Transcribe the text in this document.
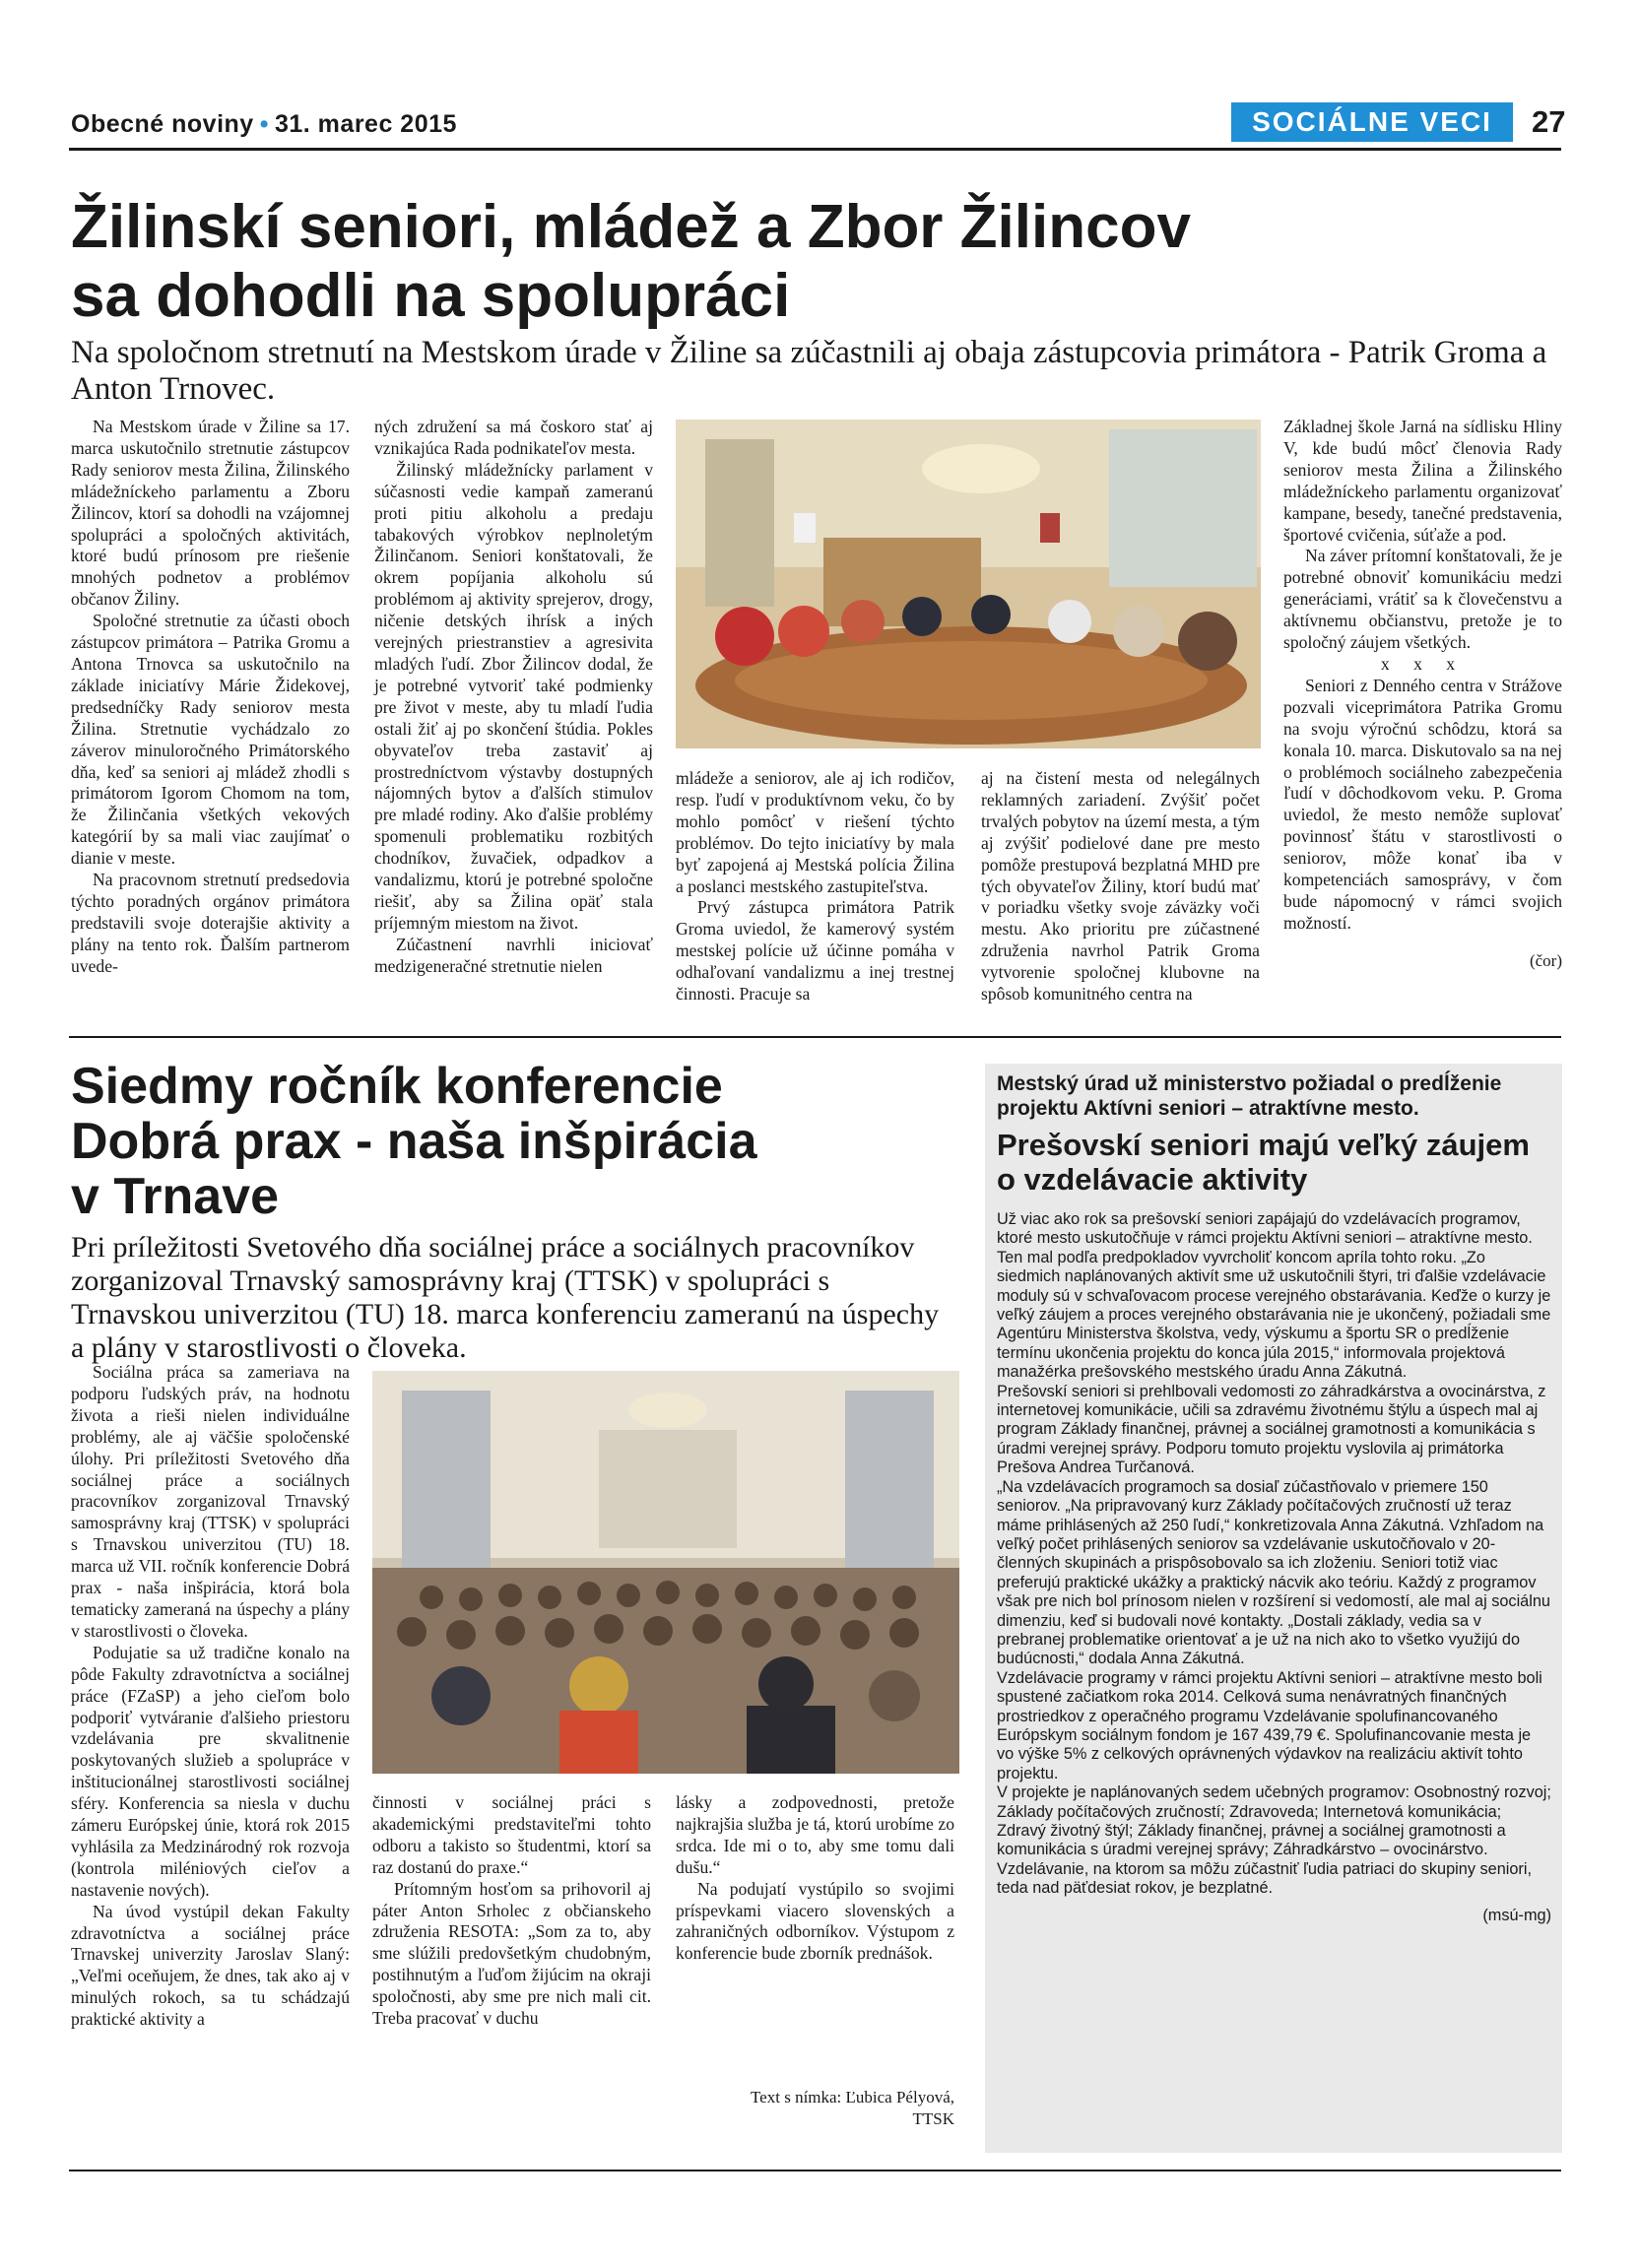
Obecné noviny • 31. marec 2015	SOCIÁLNE VECI	27
Žilinskí seniori, mládež a Zbor Žilincov
sa dohodli na spolupráci
Na spoločnom stretnutí na Mestskom úrade v Žiline sa zúčastnili aj obaja zástupcovia primátora - Patrik Groma a Anton Trnovec.

Na Mestskom úrade v Žiline sa 17. marca uskutočnilo stretnutie zástupcov Rady seniorov mesta Žilina, Žilinského mládežníckeho parlamentu a Zboru Žilincov, ktorí sa dohodli na vzájomnej spolupráci a spoločných aktivitách, ktoré budú prínosom pre riešenie mnohých podnetov a problémov občanov Žiliny.

Spoločné stretnutie za účasti oboch zástupcov primátora – Patrika Gromu a Antona Trnovca sa uskutočnilo na základe iniciatívy Márie Židekovej, predsedníčky Rady seniorov mesta Žilina. Stretnutie vychádzalo zo záverov minuloročného Primátorského dňa, keď sa seniori aj mládež zhodli s primátorom Igorom Chomom na tom, že Žilinčania všetkých vekových kategórií by sa mali viac zaujímať o dianie v meste.

Na pracovnom stretnutí predsedovia týchto poradných orgánov primátora predstavili svoje doterajšie aktivity a plány na tento rok. Ďalším partnerom uvede-

ných združení sa má čoskoro stať aj vznikajúca Rada podnikateľov mesta.

Žilinský mládežnícky parlament v súčasnosti vedie kampaň zameranú proti pitiu alkoholu a predaju tabakových výrobkov neplnoletým Žilinčanom. Seniori konštatovali, že okrem popíjania alkoholu sú problémom aj aktivity sprejerov, drogy, ničenie detských ihrísk a iných verejných priestranstiev a agresivita mladých ľudí. Zbor Žilincov dodal, že je potrebné vytvoriť také podmienky pre život v meste, aby tu mladí ľudia ostali žiť aj po skončení štúdia. Pokles obyvateľov treba zastaviť aj prostredníctvom výstavby dostupných nájomných bytov a ďalších stimulov pre mladé rodiny. Ako ďalšie problémy spomenuli problematiku rozbitých chodníkov, žuvačiek, odpadkov a vandalizmu, ktorú je potrebné spoločne riešiť, aby sa Žilina opäť stala príjemným miestom na život.

Zúčastnení navrhli iniciovať medzigeneračné stretnutie nielen

mládeže a seniorov, ale aj ich rodičov, resp. ľudí v produktívnom veku, čo by mohlo pomôcť v riešení týchto problémov. Do tejto iniciatívy by mala byť zapojená aj Mestská polícia Žilina a poslanci mestského zastupiteľstva.

Prvý zástupca primátora Patrik Groma uviedol, že kamerový systém mestskej polície už účinne pomáha v odhaľovaní vandalizmu a inej trestnej činnosti. Pracuje sa

aj na čistení mesta od nelegálnych reklamných zariadení. Zvýšiť počet trvalých pobytov na území mesta, a tým aj zvýšiť podielové dane pre mesto pomôže prestupová bezplatná MHD pre tých obyvateľov Žiliny, ktorí budú mať v poriadku všetky svoje záväzky voči mestu. Ako prioritu pre zúčastnené združenia navrhol Patrik Groma vytvorenie spoločnej klubovne na spôsob komunitného centra na

Základnej škole Jarná na sídlisku Hliny V, kde budú môcť členovia Rady seniorov mesta Žilina a Žilinského mládežníckeho parlamentu organizovať kampane, besedy, tanečné predstavenia, športové cvičenia, súťaže a pod.

Na záver prítomní konštatovali, že je potrebné obnoviť komunikáciu medzi generáciami, vrátiť sa k človečenstvu a aktívnemu občianstvu, pretože je to spoločný záujem všetkých.

x x x

Seniori z Denného centra v Strážove pozvali viceprimátora Patrika Gromu na svoju výročnú schôdzu, ktorá sa konala 10. marca. Diskutovalo sa na nej o problémoch sociálneho zabezpečenia ľudí v dôchodkovom veku. P. Groma uviedol, že mesto nemôže suplovať povinnosť štátu v starostlivosti o seniorov, môže konať iba v kompetenciách samosprávy, v čom bude nápomocný v rámci svojich možností.

(čor)
Siedmy ročník konferencie
Dobrá prax - naša inšpirácia
v Trnave
Pri príležitosti Svetového dňa sociálnej práce a sociálnych pracovníkov zorganizoval Trnavský samosprávny kraj (TTSK) v spolupráci s Trnavskou univerzitou (TU) 18. marca konferenciu zameranú na úspechy a plány v starostlivosti o človeka.

Sociálna práca sa zameriava na podporu ľudských práv, na hodnotu života a rieši nielen individuálne problémy, ale aj väčšie spoločenské úlohy. Pri príležitosti Svetového dňa sociálnej práce a sociálnych pracovníkov zorganizoval Trnavský samosprávny kraj (TTSK) v spolupráci s Trnavskou univerzitou (TU) 18. marca už VII. ročník konferencie Dobrá prax - naša inšpirácia, ktorá bola tematicky zameraná na úspechy a plány v starostlivosti o človeka.

Podujatie sa už tradične konalo na pôde Fakulty zdravotníctva a sociálnej práce (FZaSP) a jeho cieľom bolo podporiť vytváranie ďalšieho priestoru vzdelávania pre skvalitnenie poskytovaných služieb a spolupráce v inštitucionálnej starostlivosti sociálnej sféry. Konferencia sa niesla v duchu zámeru Európskej únie, ktorá rok 2015 vyhlásila za Medzinárodný rok rozvoja (kontrola miléniových cieľov a nastavenie nových).

Na úvod vystúpil dekan Fakulty zdravotníctva a sociálnej práce Trnavskej univerzity Jaroslav Slaný: „Veľmi oceňujem, že dnes, tak ako aj v minulých rokoch, sa tu schádzajú praktické aktivity a

činnosti v sociálnej práci s akademickými predstaviteľmi tohto odboru a takisto so študentmi, ktorí sa raz dostanú do praxe.“

Prítomným hosťom sa prihovoril aj páter Anton Srholec z občianskeho združenia RESOTA: „Som za to, aby sme slúžili predovšetkým chudobným, postihnutým a ľuďom žijúcim na okraji spoločnosti, aby sme pre nich mali cit. Treba pracovať v duchu

lásky a zodpovednosti, pretože najkrajšia služba je tá, ktorú urobíme zo srdca. Ide mi o to, aby sme tomu dali dušu.“

Na podujatí vystúpilo so svojimi príspevkami viacero slovenských a zahraničných odborníkov. Výstupom z konferencie bude zborník prednášok.

Text s nímka: Ľubica Pélyová,
TTSK
Mestský úrad už ministerstvo požiadal o predĺženie projektu Aktívni seniori – atraktívne mesto.
Prešovskí seniori majú veľký záujem o vzdelávacie aktivity

Už viac ako rok sa prešovskí seniori zapájajú do vzdelávacích programov, ktoré mesto uskutočňuje v rámci projektu Aktívni seniori – atraktívne mesto. Ten mal podľa predpokladov vyvrcholiť koncom apríla tohto roku. „Zo siedmich naplánovaných aktivít sme už uskutočnili štyri, tri ďalšie vzdelávacie moduly sú v schvaľovacom procese verejného obstarávania. Keďže o kurzy je veľký záujem a proces verejného obstarávania nie je ukončený, požiadali sme Agentúru Ministerstva školstva, vedy, výskumu a športu SR o predĺženie termínu ukončenia projektu do konca júla 2015,“ informovala projektová manažérka prešovského mestského úradu Anna Zákutná.

Prešovskí seniori si prehlbovali vedomosti zo záhradkárstva a ovocinárstva, z internetovej komunikácie, učili sa zdravému životnému štýlu a úspech mal aj program Základy finančnej, právnej a sociálnej gramotnosti a komunikácia s úradmi verejnej správy. Podporu tomuto projektu vyslovila aj primátorka Prešova Andrea Turčanová.

„Na vzdelávacích programoch sa dosiaľ zúčastňovalo v priemere 150 seniorov. „Na pripravovaný kurz Základy počítačových zručností už teraz máme prihlásených až 250 ľudí,“ konkretizovala Anna Zákutná. Vzhľadom na veľký počet prihlásených seniorov sa vzdelávanie uskutočňovalo v 20-členných skupinách a prispôsobovalo sa ich zloženiu. Seniori totiž viac preferujú praktické ukážky a praktický nácvik ako teóriu. Každý z programov však pre nich bol prínosom nielen v rozšírení si vedomostí, ale mal aj sociálnu dimenziu, keď si budovali nové kontakty. „Dostali základy, vedia sa v prebranej problematike orientovať a je už na nich ako to všetko využijú do budúcnosti,“ dodala Anna Zákutná.

Vzdelávacie programy v rámci projektu Aktívni seniori – atraktívne mesto boli spustené začiatkom roka 2014. Celková suma nenávratných finančných prostriedkov z operačného programu Vzdelávanie spolufinancovaného Európskym sociálnym fondom je 167 439,79 €. Spolufinancovanie mesta je vo výške 5% z celkových oprávnených výdavkov na realizáciu aktivít tohto projektu.

V projekte je naplánovaných sedem učebných programov: Osobnostný rozvoj; Základy počítačových zručností; Zdravoveda; Internetová komunikácia; Zdravý životný štýl; Základy finančnej, právnej a sociálnej gramotnosti a komunikácia s úradmi verejnej správy; Záhradkárstvo – ovocinárstvo.

Vzdelávanie, na ktorom sa môžu zúčastniť ľudia patriaci do skupiny seniori, teda nad päťdesiat rokov, je bezplatné.

(msú-mg)
